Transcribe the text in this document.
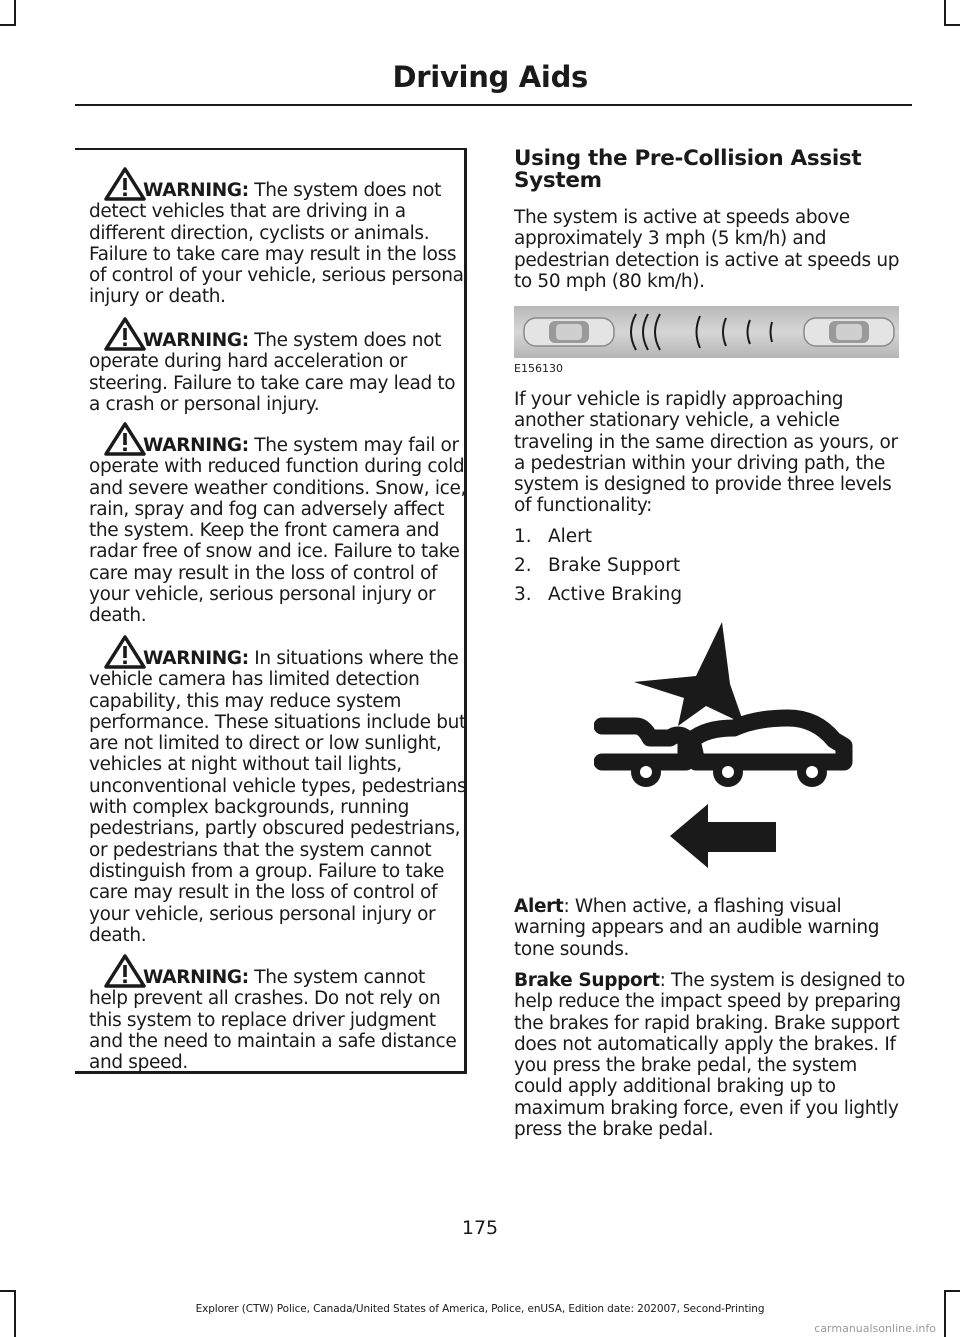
Driving Aids
WARNING: The system does not detect vehicles that are driving in a different direction, cyclists or animals. Failure to take care may result in the loss of control of your vehicle, serious personal injury or death.
WARNING: The system does not operate during hard acceleration or steering. Failure to take care may lead to a crash or personal injury.
WARNING: The system may fail or operate with reduced function during cold and severe weather conditions. Snow, ice, rain, spray and fog can adversely affect the system. Keep the front camera and radar free of snow and ice. Failure to take care may result in the loss of control of your vehicle, serious personal injury or death.
WARNING: In situations where the vehicle camera has limited detection capability, this may reduce system performance. These situations include but are not limited to direct or low sunlight, vehicles at night without tail lights, unconventional vehicle types, pedestrians with complex backgrounds, running pedestrians, partly obscured pedestrians, or pedestrians that the system cannot distinguish from a group. Failure to take care may result in the loss of control of your vehicle, serious personal injury or death.
WARNING: The system cannot help prevent all crashes. Do not rely on this system to replace driver judgment and the need to maintain a safe distance and speed.
Using the Pre-Collision Assist System
The system is active at speeds above approximately 3 mph (5 km/h) and pedestrian detection is active at speeds up to 50 mph (80 km/h).
E156130
If your vehicle is rapidly approaching another stationary vehicle, a vehicle traveling in the same direction as yours, or a pedestrian within your driving path, the system is designed to provide three levels of functionality:
1. Alert
2. Brake Support
3. Active Braking
Alert: When active, a flashing visual warning appears and an audible warning tone sounds.
Brake Support: The system is designed to help reduce the impact speed by preparing the brakes for rapid braking. Brake support does not automatically apply the brakes. If you press the brake pedal, the system could apply additional braking up to maximum braking force, even if you lightly press the brake pedal.
175
Explorer (CTW) Police, Canada/United States of America, Police, enUSA, Edition date: 202007, Second-Printing
carmanualsonline.info
